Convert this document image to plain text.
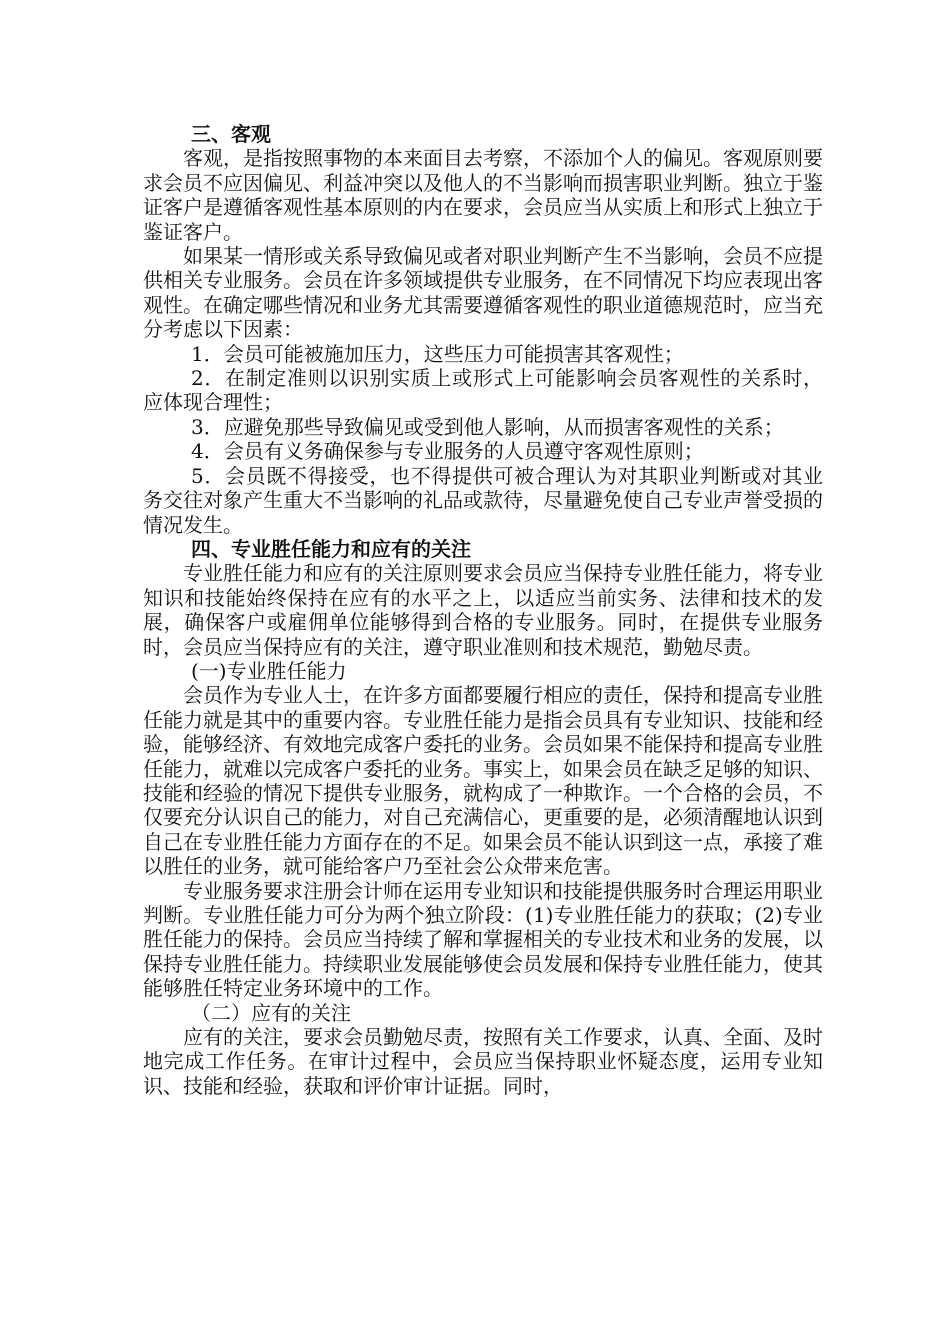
三、客观

客观，是指按照事物的本来面目去考察，不添加个人的偏见。客观原则要求会员不应因偏见、利益冲突以及他人的不当影响而损害职业判断。独立于鉴证客户是遵循客观性基本原则的内在要求，会员应当从实质上和形式上独立于鉴证客户。

如果某一情形或关系导致偏见或者对职业判断产生不当影响，会员不应提供相关专业服务。会员在许多领域提供专业服务，在不同情况下均应表现出客观性。在确定哪些情况和业务尤其需要遵循客观性的职业道德规范时，应当充分考虑以下因素：

1．会员可能被施加压力，这些压力可能损害其客观性；

2．在制定准则以识别实质上或形式上可能影响会员客观性的关系时，应体现合理性；

3．应避免那些导致偏见或受到他人影响，从而损害客观性的关系；

4．会员有义务确保参与专业服务的人员遵守客观性原则；

5．会员既不得接受，也不得提供可被合理认为对其职业判断或对其业务交往对象产生重大不当影响的礼品或款待，尽量避免使自己专业声誉受损的情况发生。

四、专业胜任能力和应有的关注

专业胜任能力和应有的关注原则要求会员应当保持专业胜任能力，将专业知识和技能始终保持在应有的水平之上，以适应当前实务、法律和技术的发展，确保客户或雇佣单位能够得到合格的专业服务。同时，在提供专业服务时，会员应当保持应有的关注，遵守职业准则和技术规范，勤勉尽责。

(一)专业胜任能力

会员作为专业人士，在许多方面都要履行相应的责任，保持和提高专业胜任能力就是其中的重要内容。专业胜任能力是指会员具有专业知识、技能和经验，能够经济、有效地完成客户委托的业务。会员如果不能保持和提高专业胜任能力，就难以完成客户委托的业务。事实上，如果会员在缺乏足够的知识、技能和经验的情况下提供专业服务，就构成了一种欺诈。一个合格的会员，不仅要充分认识自己的能力，对自己充满信心，更重要的是，必须清醒地认识到自己在专业胜任能力方面存在的不足。如果会员不能认识到这一点，承接了难以胜任的业务，就可能给客户乃至社会公众带来危害。

专业服务要求注册会计师在运用专业知识和技能提供服务时合理运用职业判断。专业胜任能力可分为两个独立阶段：(1)专业胜任能力的获取；(2)专业胜任能力的保持。会员应当持续了解和掌握相关的专业技术和业务的发展，以保持专业胜任能力。持续职业发展能够使会员发展和保持专业胜任能力，使其能够胜任特定业务环境中的工作。

（二）应有的关注

应有的关注，要求会员勤勉尽责，按照有关工作要求，认真、全面、及时地完成工作任务。在审计过程中，会员应当保持职业怀疑态度，运用专业知识、技能和经验，获取和评价审计证据。同时，
